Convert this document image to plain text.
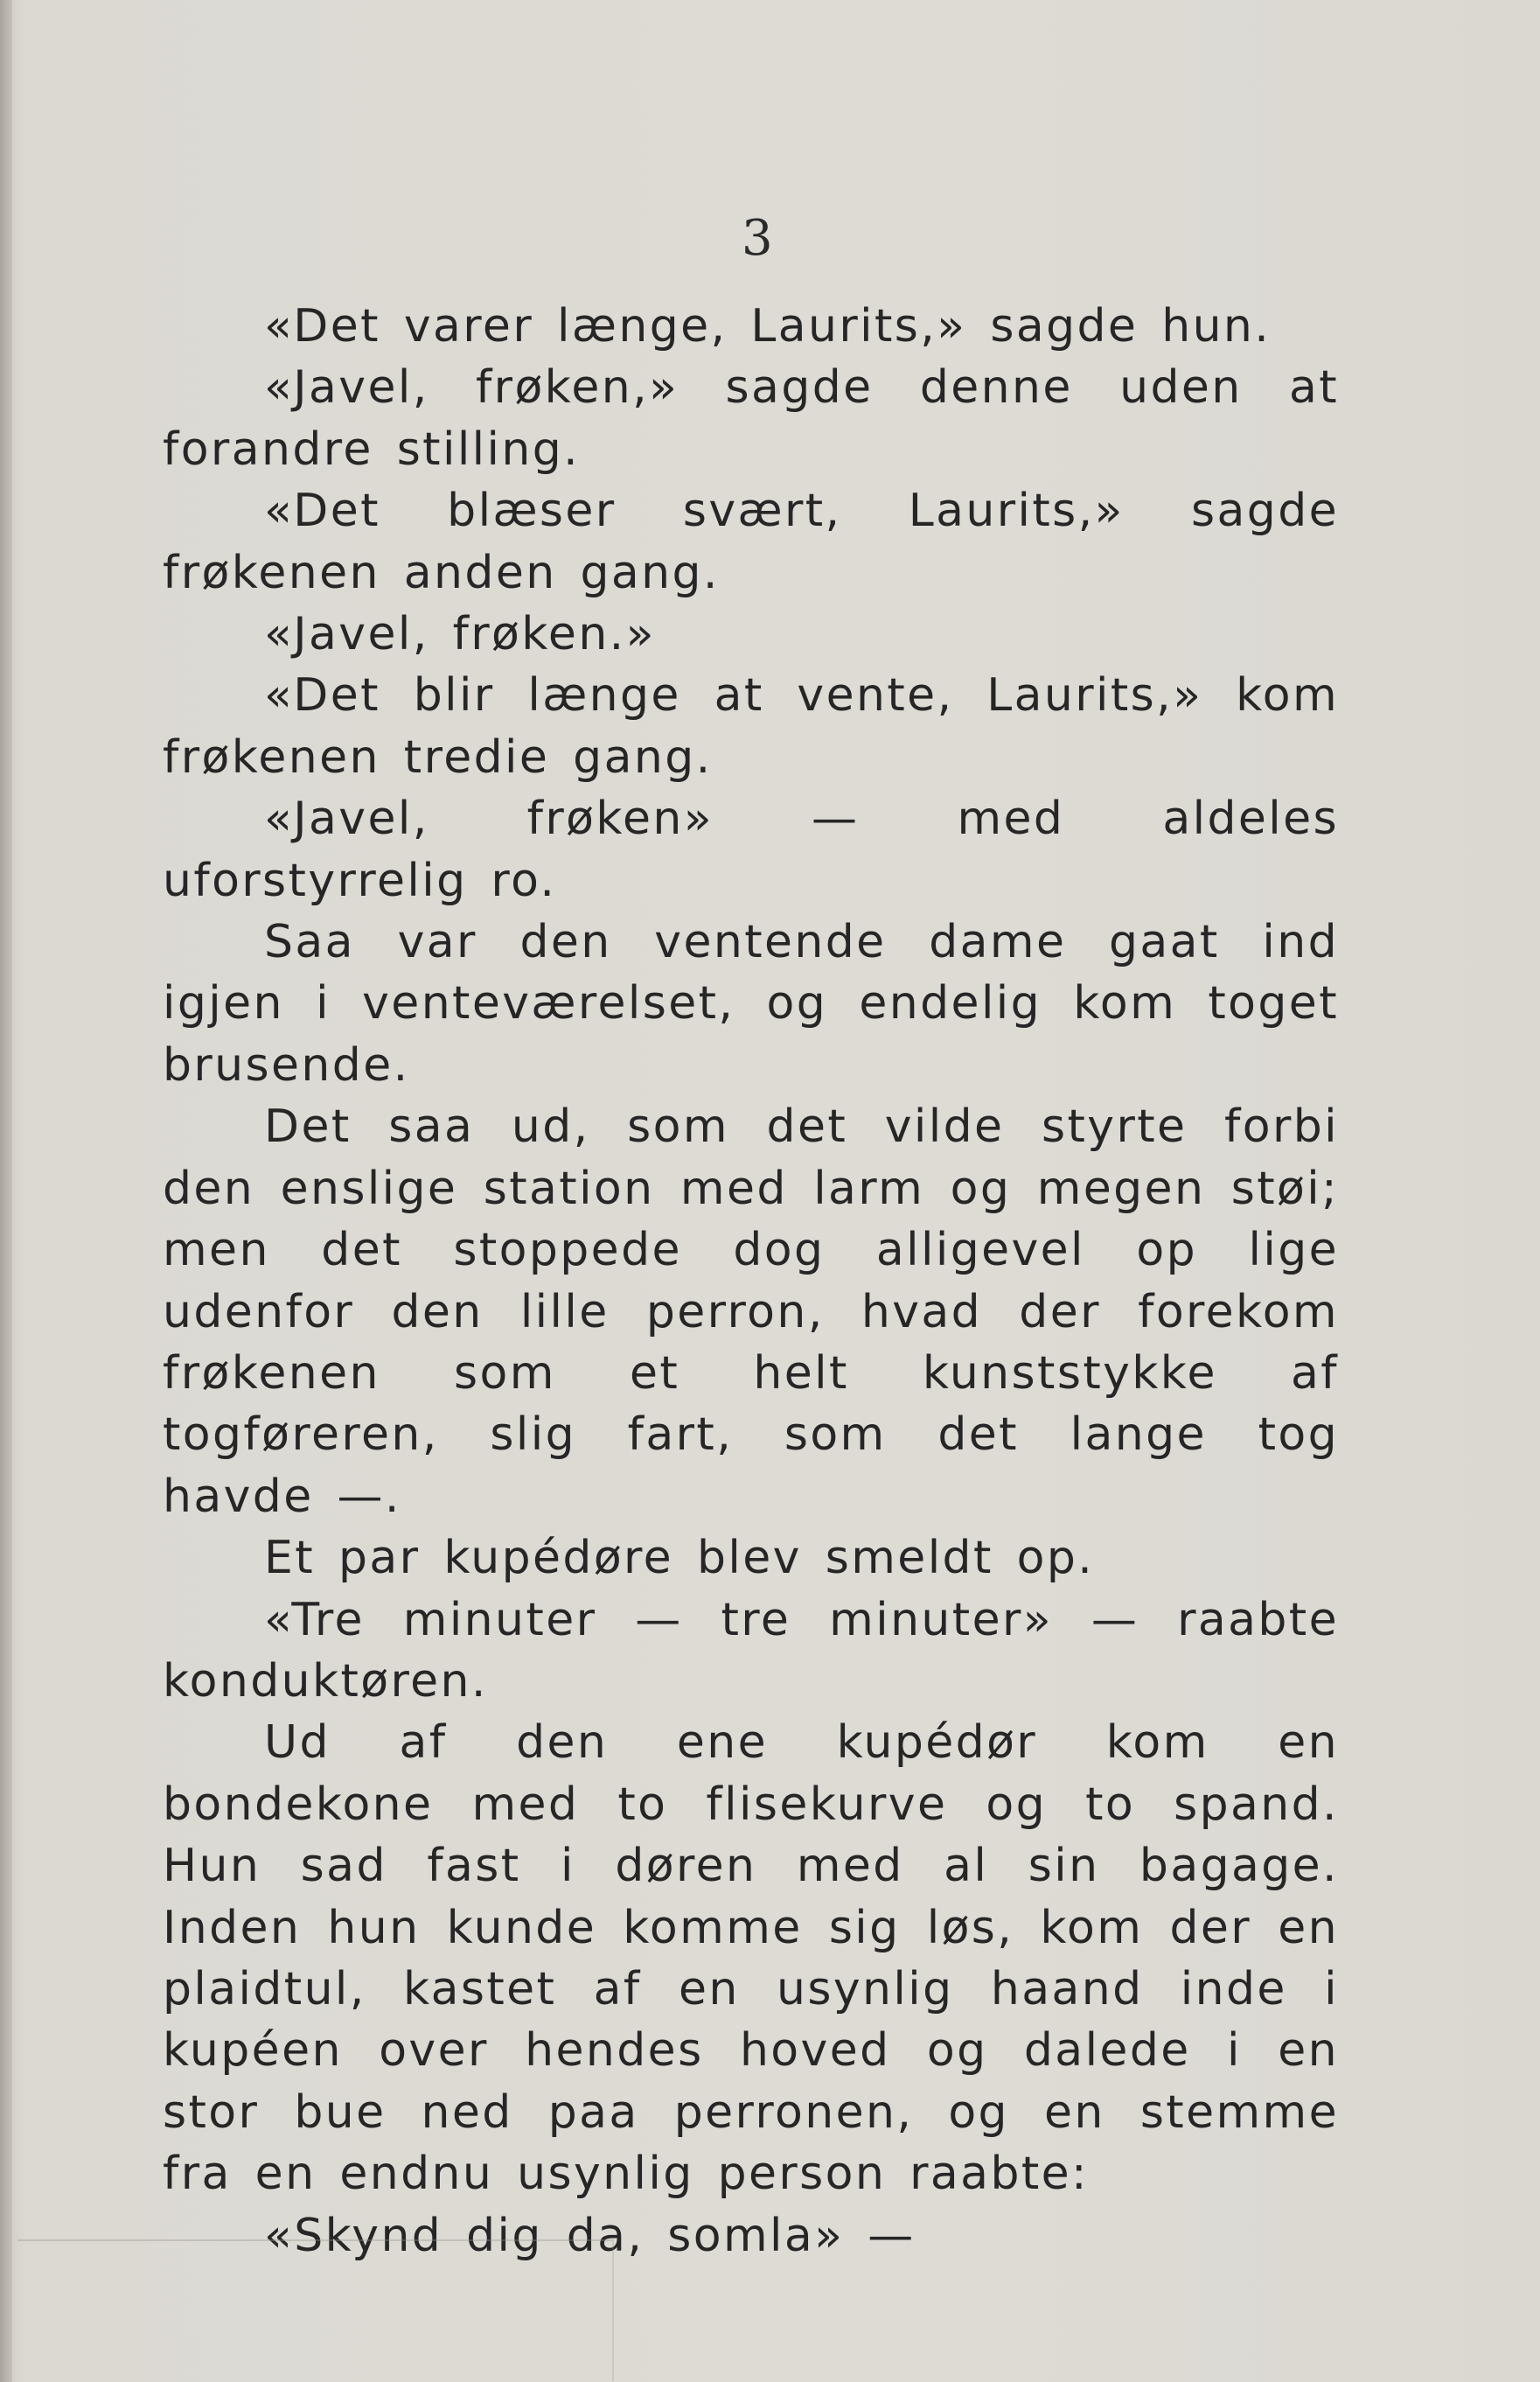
3

«Det varer længe, Laurits,» sagde hun.

«Javel, frøken,» sagde denne uden at forandre stilling.

«Det blæser svært, Laurits,» sagde frøkenen anden gang.

«Javel, frøken.»

«Det blir længe at vente, Laurits,» kom frøkenen tredie gang.

«Javel, frøken» — med aldeles uforstyrrelig ro.

Saa var den ventende dame gaat ind igjen i venteværelset, og endelig kom toget brusende.

Det saa ud, som det vilde styrte forbi den enslige station med larm og megen støi; men det stoppede dog alligevel op lige udenfor den lille perron, hvad der forekom frøkenen som et helt kunststykke af togføreren, slig fart, som det lange tog havde —.

Et par kupédøre blev smeldt op.

«Tre minuter — tre minuter» — raabte konduktøren.

Ud af den ene kupédør kom en bondekone med to flisekurve og to spand. Hun sad fast i døren med al sin bagage. Inden hun kunde komme sig løs, kom der en plaidtul, kastet af en usynlig haand inde i kupéen over hendes hoved og dalede i en stor bue ned paa perronen, og en stemme fra en endnu usynlig person raabte:

«Skynd dig da, somla» —
